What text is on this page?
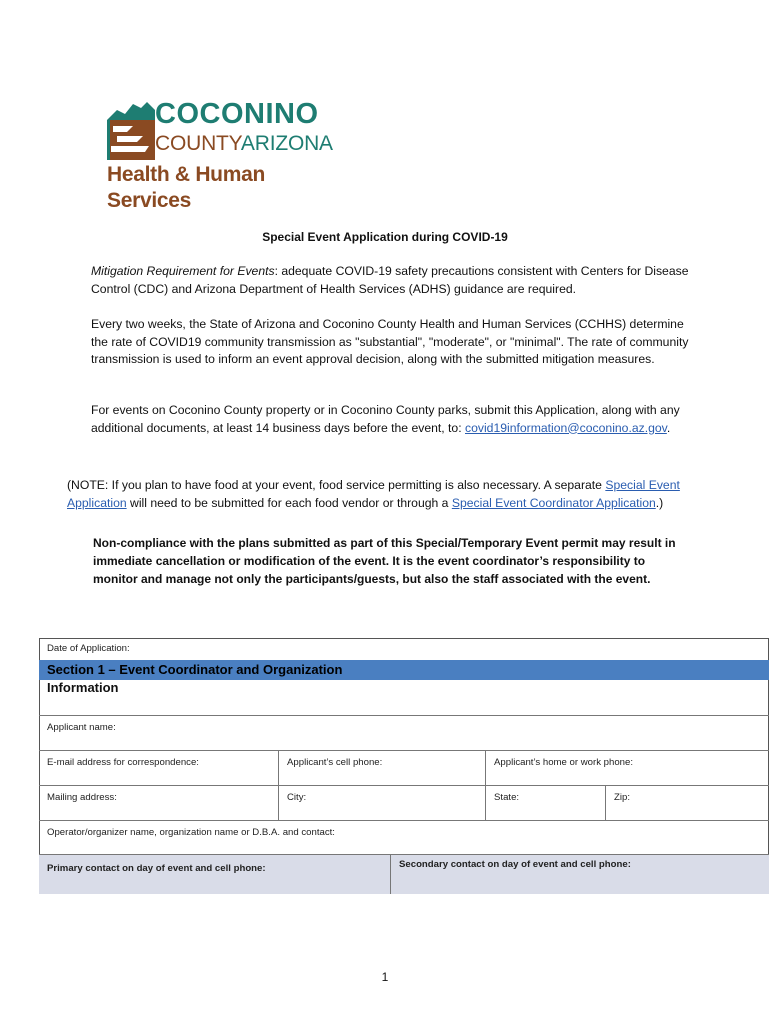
COCONINO
COUNTYARIZONA
Health & Human Services
Special Event Application during COVID-19
Mitigation Requirement for Events: adequate COVID-19 safety precautions consistent with Centers for Disease Control (CDC) and Arizona Department of Health Services (ADHS) guidance are required.
Every two weeks, the State of Arizona and Coconino County Health and Human Services (CCHHS) determine the rate of COVID19 community transmission as "substantial", "moderate", or "minimal". The rate of community transmission is used to inform an event approval decision, along with the submitted mitigation measures.
For events on Coconino County property or in Coconino County parks, submit this Application, along with any additional documents, at least 14 business days before the event, to: covid19information@coconino.az.gov.
(NOTE: If you plan to have food at your event, food service permitting is also necessary. A separate Special Event Application will need to be submitted for each food vendor or through a Special Event Coordinator Application.)
Non-compliance with the plans submitted as part of this Special/Temporary Event permit may result in immediate cancellation or modification of the event. It is the event coordinator’s responsibility to monitor and manage not only the participants/guests, but also the staff associated with the event.
Date of Application:
Section 1 – Event Coordinator and Organization
Information
Applicant name:
E-mail address for correspondence:	Applicant’s cell phone:	Applicant’s home or work phone:
Mailing address:	City:	State:	Zip:
Operator/organizer name, organization name or D.B.A. and contact:
Primary contact on day of event and cell phone:	Secondary contact on day of event and cell phone:
1
